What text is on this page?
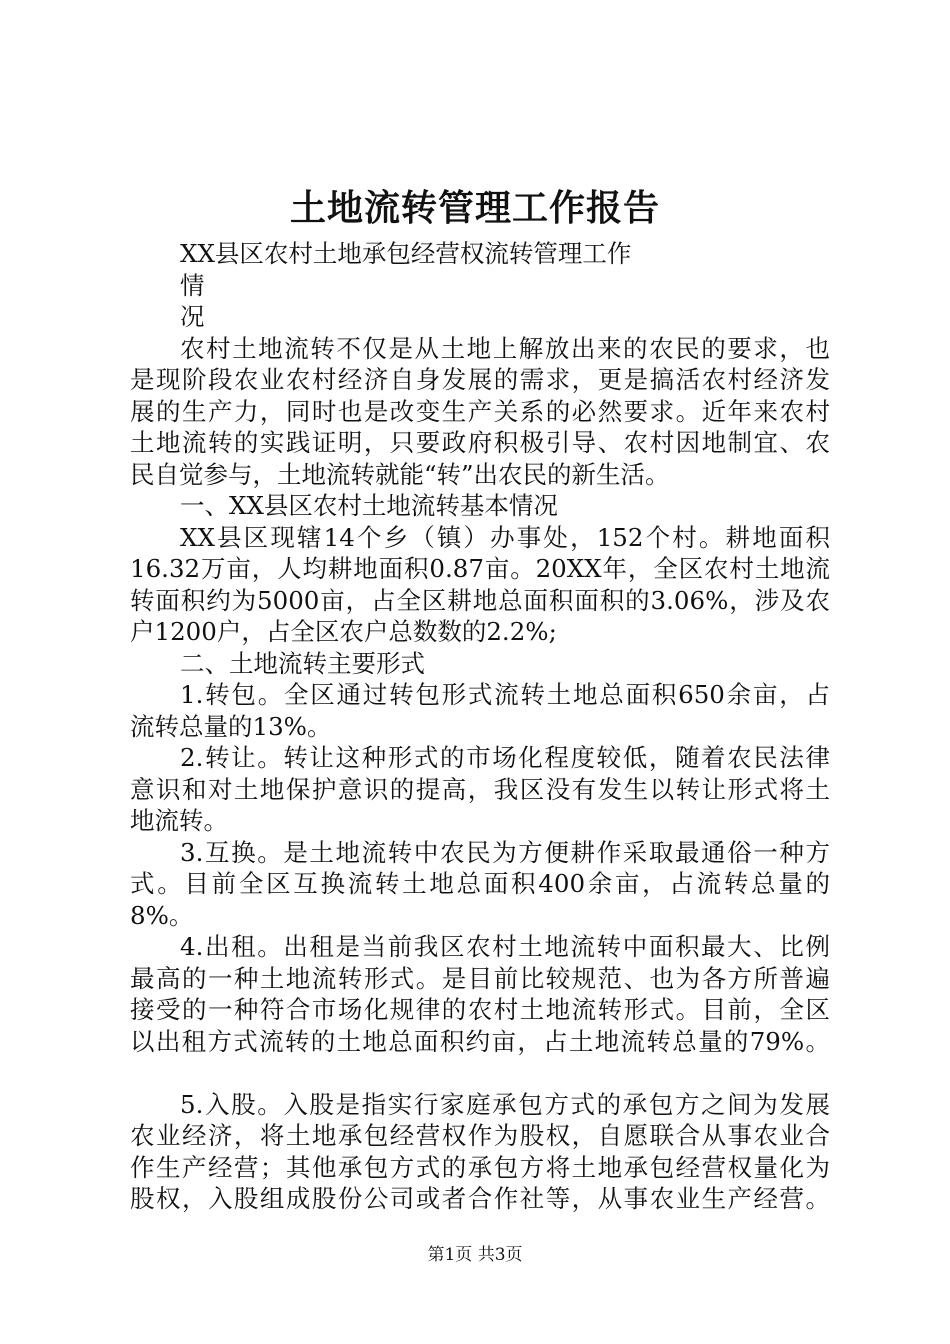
土地流转管理工作报告
XX县区农村土地承包经营权流转管理工作
情
况
农村土地流转不仅是从土地上解放出来的农民的要求，也
是现阶段农业农村经济自身发展的需求，更是搞活农村经济发
展的生产力，同时也是改变生产关系的必然要求。近年来农村
土地流转的实践证明，只要政府积极引导、农村因地制宜、农
民自觉参与，土地流转就能“转”出农民的新生活。
一、XX县区农村土地流转基本情况
XX县区现辖14个乡（镇）办事处，152个村。耕地面积
16.32万亩，人均耕地面积0.87亩。20XX年，全区农村土地流
转面积约为5000亩，占全区耕地总面积面积的3.06%，涉及农
户1200户，占全区农户总数数的2.2%;
二、土地流转主要形式
1.转包。全区通过转包形式流转土地总面积650余亩，占
流转总量的13%。
2.转让。转让这种形式的市场化程度较低，随着农民法律
意识和对土地保护意识的提高，我区没有发生以转让形式将土
地流转。
3.互换。是土地流转中农民为方便耕作采取最通俗一种方
式。目前全区互换流转土地总面积400余亩，占流转总量的
8%。
4.出租。出租是当前我区农村土地流转中面积最大、比例
最高的一种土地流转形式。是目前比较规范、也为各方所普遍
接受的一种符合市场化规律的农村土地流转形式。目前，全区
以出租方式流转的土地总面积约亩，占土地流转总量的79%。
5.入股。入股是指实行家庭承包方式的承包方之间为发展
农业经济，将土地承包经营权作为股权，自愿联合从事农业合
作生产经营；其他承包方式的承包方将土地承包经营权量化为
股权，入股组成股份公司或者合作社等，从事农业生产经营。
第1页 共3页
